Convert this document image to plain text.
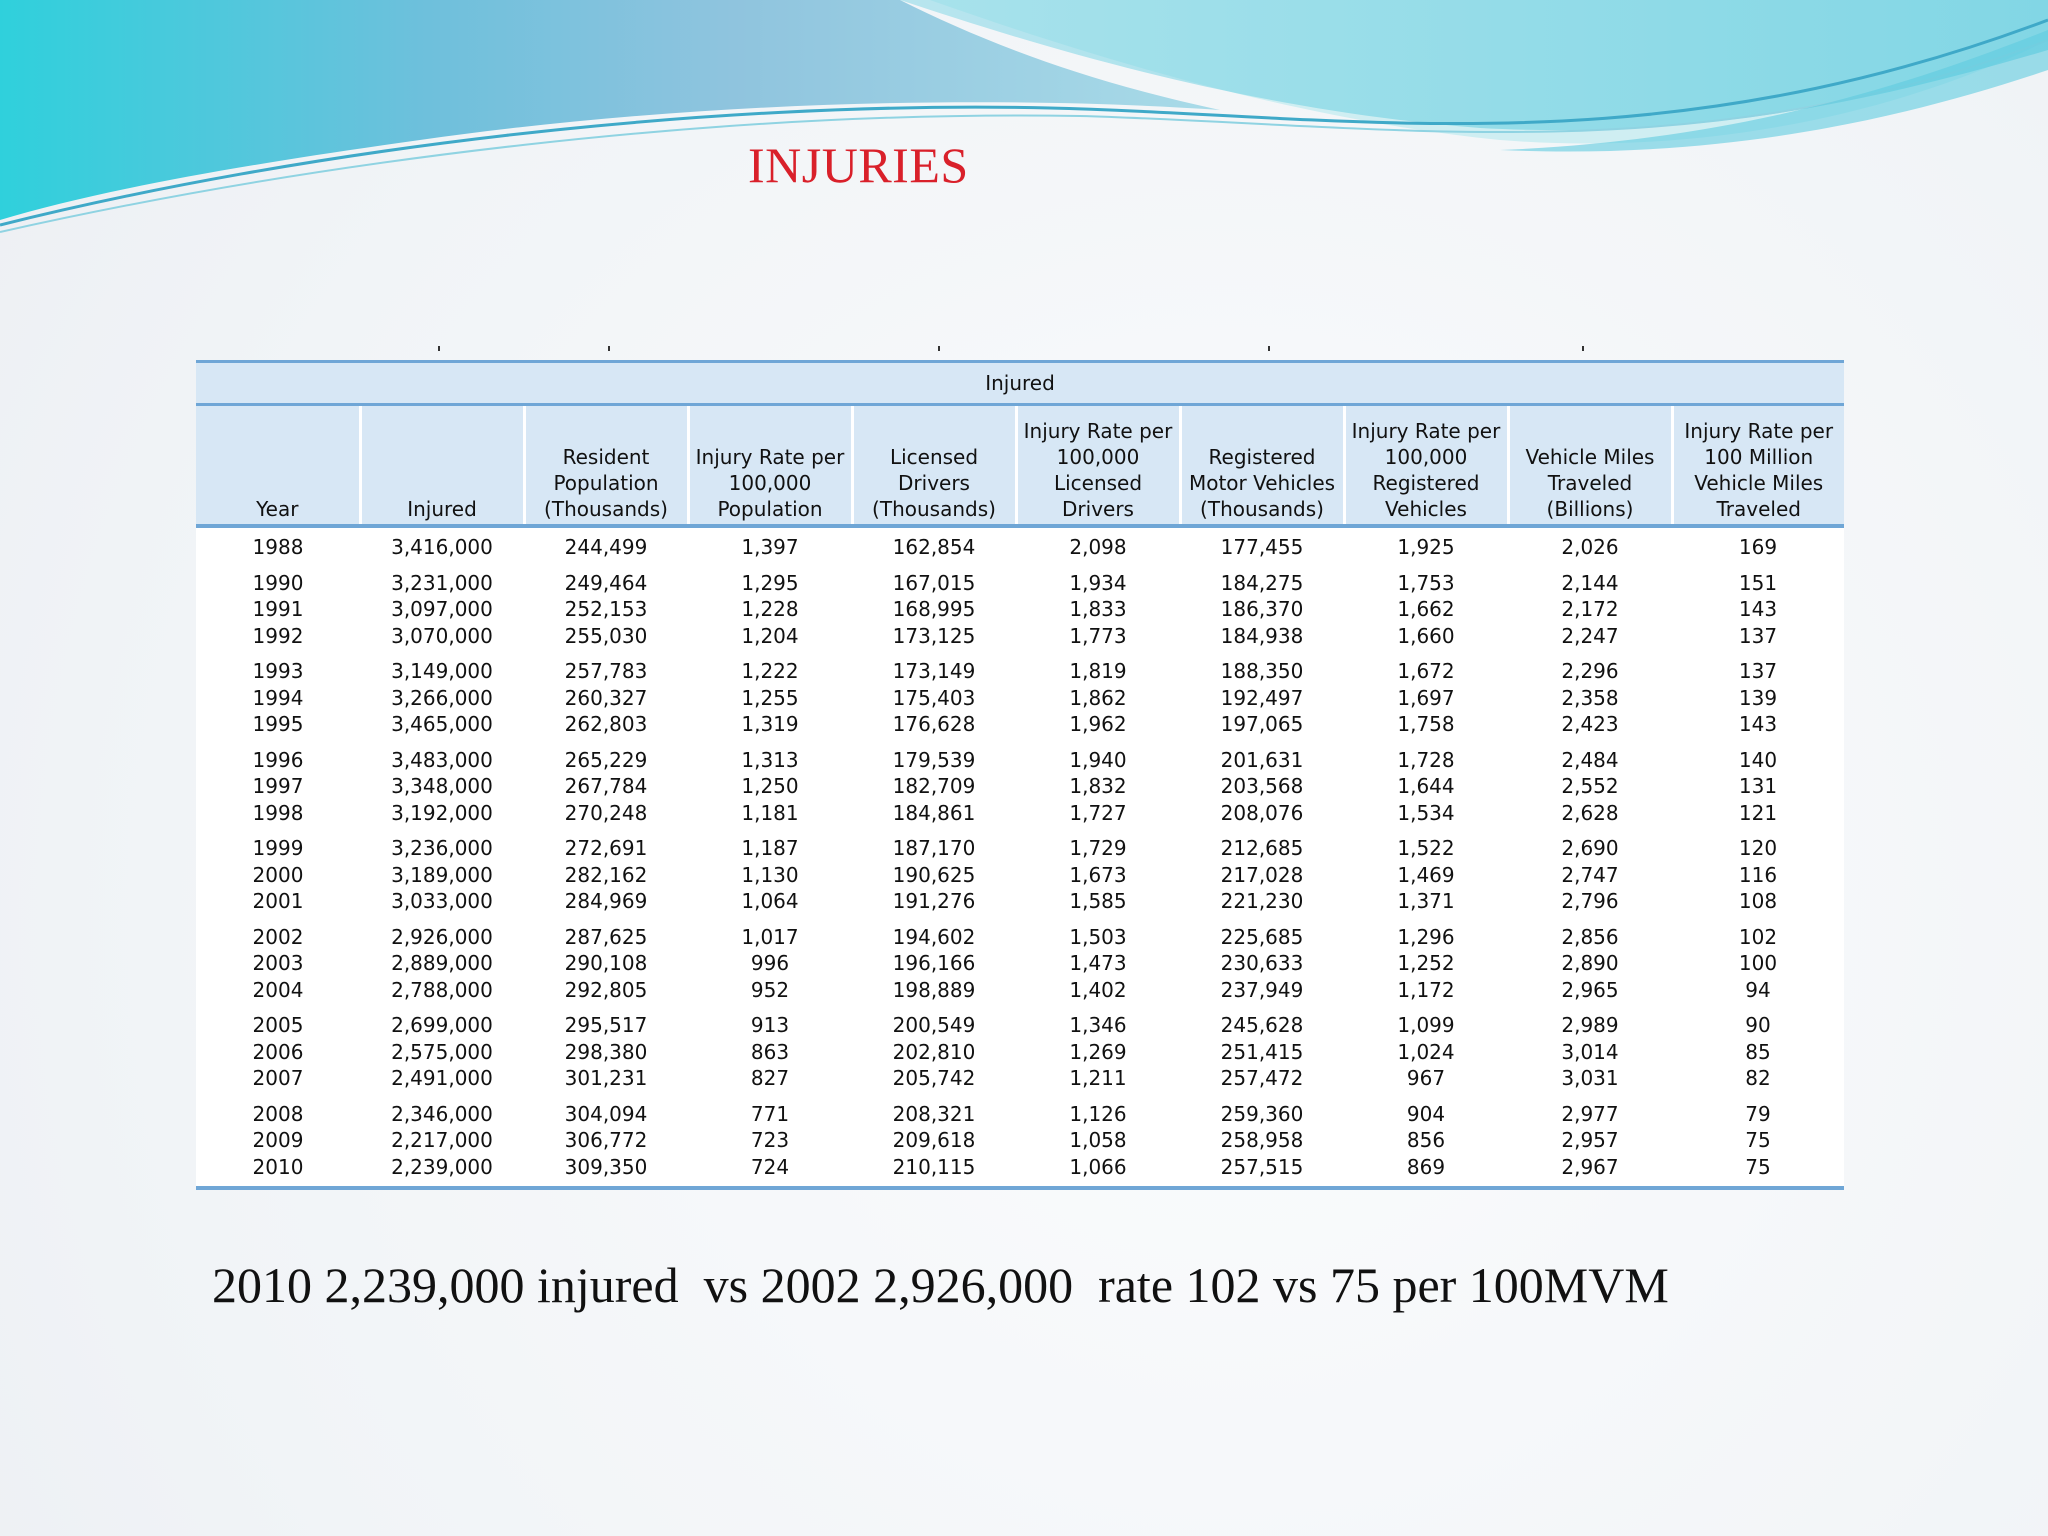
INJURIES
Injured									
Year	Injured	Resident Population (Thousands)	Injury Rate per 100,000 Population	Licensed Drivers (Thousands)	Injury Rate per 100,000 Licensed Drivers	Registered Motor Vehicles (Thousands)	Injury Rate per 100,000 Registered Vehicles	Vehicle Miles Traveled (Billions)	Injury Rate per 100 Million Vehicle Miles Traveled
1988	3,416,000	244,499	1,397	162,854	2,098	177,455	1,925	2,026	169
1990	3,231,000	249,464	1,295	167,015	1,934	184,275	1,753	2,144	151
1991	3,097,000	252,153	1,228	168,995	1,833	186,370	1,662	2,172	143
1992	3,070,000	255,030	1,204	173,125	1,773	184,938	1,660	2,247	137
1993	3,149,000	257,783	1,222	173,149	1,819	188,350	1,672	2,296	137
1994	3,266,000	260,327	1,255	175,403	1,862	192,497	1,697	2,358	139
1995	3,465,000	262,803	1,319	176,628	1,962	197,065	1,758	2,423	143
1996	3,483,000	265,229	1,313	179,539	1,940	201,631	1,728	2,484	140
1997	3,348,000	267,784	1,250	182,709	1,832	203,568	1,644	2,552	131
1998	3,192,000	270,248	1,181	184,861	1,727	208,076	1,534	2,628	121
1999	3,236,000	272,691	1,187	187,170	1,729	212,685	1,522	2,690	120
2000	3,189,000	282,162	1,130	190,625	1,673	217,028	1,469	2,747	116
2001	3,033,000	284,969	1,064	191,276	1,585	221,230	1,371	2,796	108
2002	2,926,000	287,625	1,017	194,602	1,503	225,685	1,296	2,856	102
2003	2,889,000	290,108	996	196,166	1,473	230,633	1,252	2,890	100
2004	2,788,000	292,805	952	198,889	1,402	237,949	1,172	2,965	94
2005	2,699,000	295,517	913	200,549	1,346	245,628	1,099	2,989	90
2006	2,575,000	298,380	863	202,810	1,269	251,415	1,024	3,014	85
2007	2,491,000	301,231	827	205,742	1,211	257,472	967	3,031	82
2008	2,346,000	304,094	771	208,321	1,126	259,360	904	2,977	79
2009	2,217,000	306,772	723	209,618	1,058	258,958	856	2,957	75
2010	2,239,000	309,350	724	210,115	1,066	257,515	869	2,967	75
2010 2,239,000 injured  vs 2002 2,926,000  rate 102 vs 75 per 100MVM
